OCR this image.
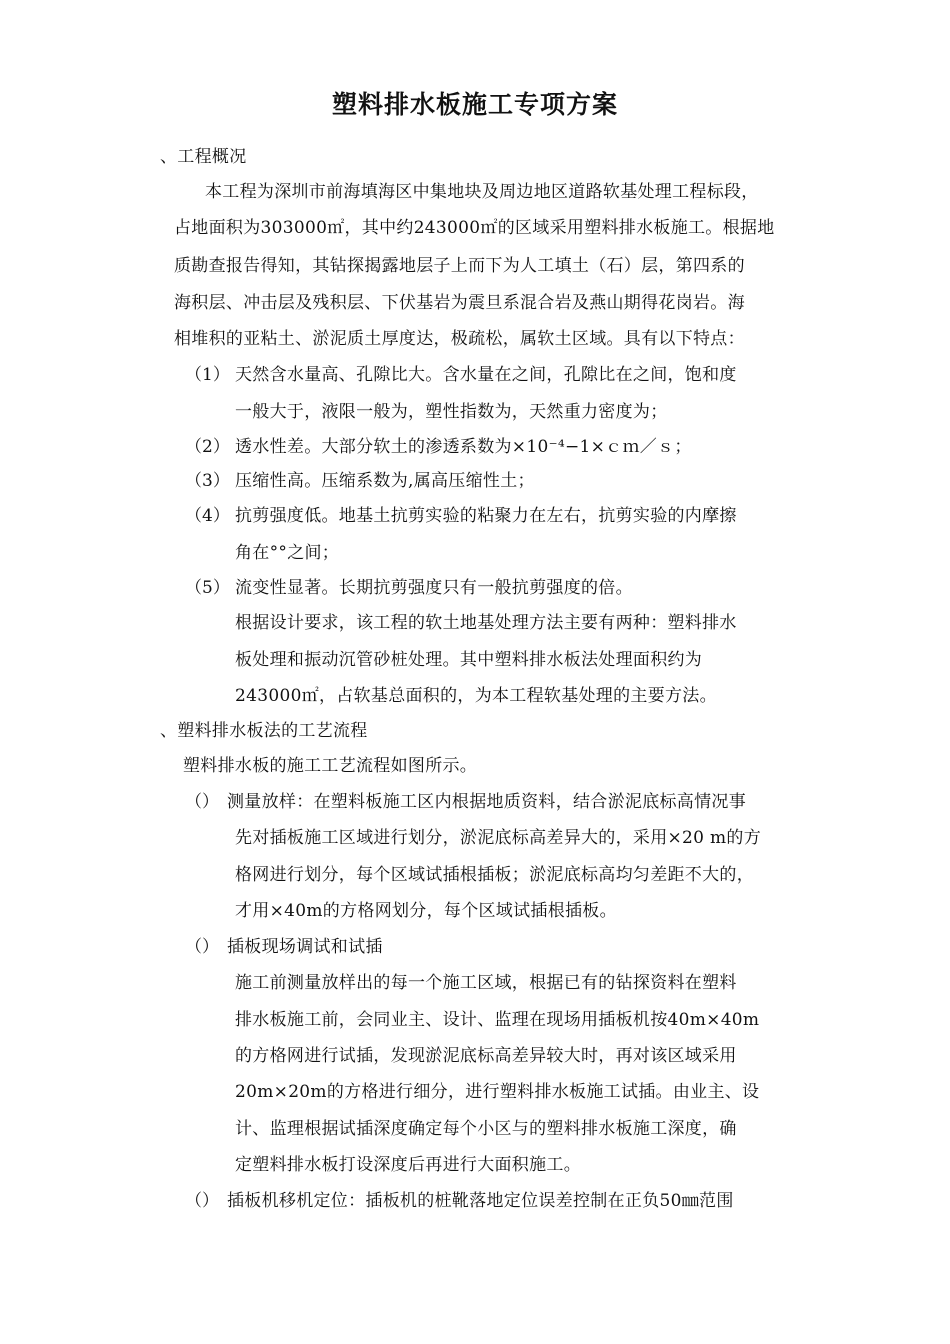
塑料排水板施工专项方案
、工程概况
本工程为深圳市前海填海区中集地块及周边地区道路软基处理工程标段，
占地面积为303000㎡，其中约243000㎡的区域采用塑料排水板施工。根据地
质勘查报告得知，其钻探揭露地层子上而下为人工填土（石）层，第四系的
海积层、冲击层及残积层、下伏基岩为震旦系混合岩及燕山期得花岗岩。海
相堆积的亚粘土、淤泥质土厚度达，极疏松，属软土区域。具有以下特点：
（1） 天然含水量高、孔隙比大。含水量在之间，孔隙比在之间，饱和度
一般大于，液限一般为，塑性指数为，天然重力密度为；
（2） 透水性差。大部分软土的渗透系数为×10⁻⁴−1×ｃｍ／ｓ；
（3） 压缩性高。压缩系数为,属高压缩性土；
（4） 抗剪强度低。地基土抗剪实验的粘聚力在左右，抗剪实验的内摩擦
角在°°之间；
（5） 流变性显著。长期抗剪强度只有一般抗剪强度的倍。
根据设计要求，该工程的软土地基处理方法主要有两种：塑料排水
板处理和振动沉管砂桩处理。其中塑料排水板法处理面积约为
243000㎡，占软基总面积的，为本工程软基处理的主要方法。
、塑料排水板法的工艺流程
塑料排水板的施工工艺流程如图所示。
（） 测量放样：在塑料板施工区内根据地质资料，结合淤泥底标高情况事
先对插板施工区域进行划分，淤泥底标高差异大的，采用×20 m的方
格网进行划分，每个区域试插根插板；淤泥底标高均匀差距不大的，
才用×40m的方格网划分，每个区域试插根插板。
（） 插板现场调试和试插
施工前测量放样出的每一个施工区域，根据已有的钻探资料在塑料
排水板施工前，会同业主、设计、监理在现场用插板机按40m×40m
的方格网进行试插，发现淤泥底标高差异较大时，再对该区域采用
20m×20m的方格进行细分，进行塑料排水板施工试插。由业主、设
计、监理根据试插深度确定每个小区与的塑料排水板施工深度，确
定塑料排水板打设深度后再进行大面积施工。
（） 插板机移机定位：插板机的桩靴落地定位误差控制在正负50㎜范围
